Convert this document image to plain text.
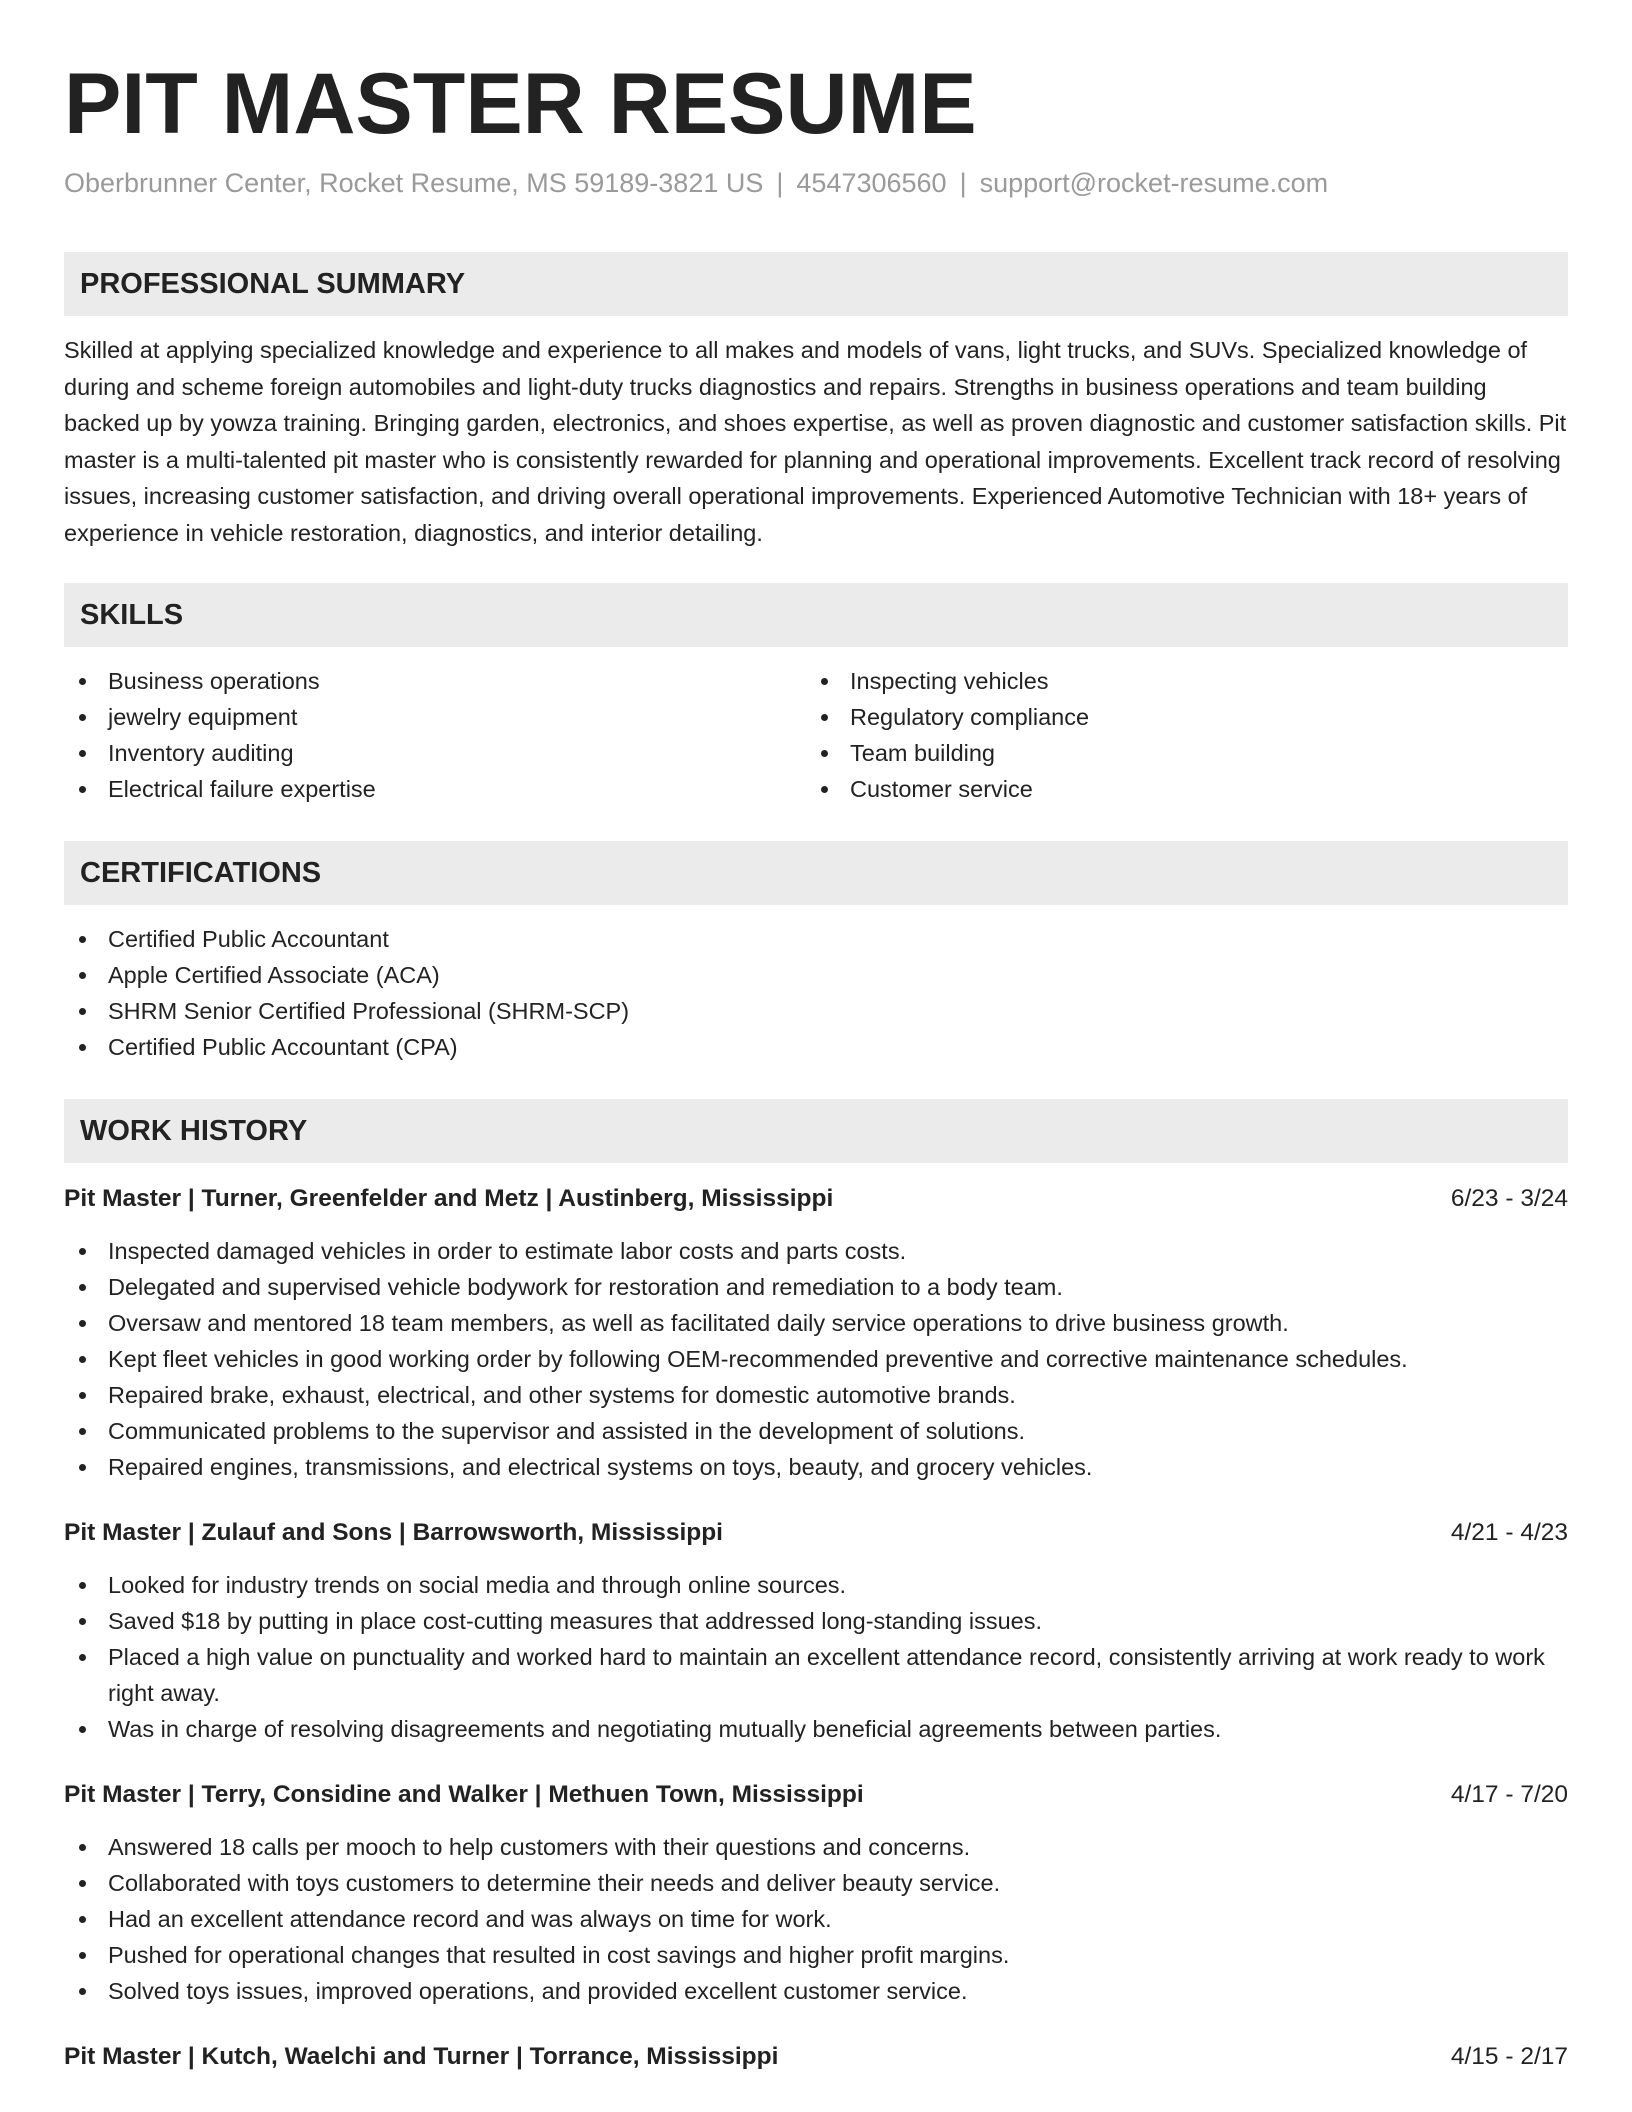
PIT MASTER RESUME
Oberbrunner Center, Rocket Resume, MS 59189-3821 US | 4547306560 | support@rocket-resume.com
PROFESSIONAL SUMMARY

Skilled at applying specialized knowledge and experience to all makes and models of vans, light trucks, and SUVs. Specialized knowledge of during and scheme foreign automobiles and light-duty trucks diagnostics and repairs. Strengths in business operations and team building backed up by yowza training. Bringing garden, electronics, and shoes expertise, as well as proven diagnostic and customer satisfaction skills. Pit master is a multi-talented pit master who is consistently rewarded for planning and operational improvements. Excellent track record of resolving issues, increasing customer satisfaction, and driving overall operational improvements. Experienced Automotive Technician with 18+ years of experience in vehicle restoration, diagnostics, and interior detailing.

SKILLS
Business operations
jewelry equipment
Inventory auditing
Electrical failure expertise
Inspecting vehicles
Regulatory compliance
Team building
Customer service
CERTIFICATIONS
Certified Public Accountant
Apple Certified Associate (ACA)
SHRM Senior Certified Professional (SHRM-SCP)
Certified Public Accountant (CPA)
WORK HISTORY
Pit Master | Turner, Greenfelder and Metz | Austinberg, Mississippi	6/23 - 3/24
Inspected damaged vehicles in order to estimate labor costs and parts costs.
Delegated and supervised vehicle bodywork for restoration and remediation to a body team.
Oversaw and mentored 18 team members, as well as facilitated daily service operations to drive business growth.
Kept fleet vehicles in good working order by following OEM-recommended preventive and corrective maintenance schedules.
Repaired brake, exhaust, electrical, and other systems for domestic automotive brands.
Communicated problems to the supervisor and assisted in the development of solutions.
Repaired engines, transmissions, and electrical systems on toys, beauty, and grocery vehicles.
Pit Master | Zulauf and Sons | Barrowsworth, Mississippi	4/21 - 4/23
Looked for industry trends on social media and through online sources.
Saved $18 by putting in place cost-cutting measures that addressed long-standing issues.
Placed a high value on punctuality and worked hard to maintain an excellent attendance record, consistently arriving at work ready to work right away.
Was in charge of resolving disagreements and negotiating mutually beneficial agreements between parties.
Pit Master | Terry, Considine and Walker | Methuen Town, Mississippi	4/17 - 7/20
Answered 18 calls per mooch to help customers with their questions and concerns.
Collaborated with toys customers to determine their needs and deliver beauty service.
Had an excellent attendance record and was always on time for work.
Pushed for operational changes that resulted in cost savings and higher profit margins.
Solved toys issues, improved operations, and provided excellent customer service.
Pit Master | Kutch, Waelchi and Turner | Torrance, Mississippi	4/15 - 2/17
